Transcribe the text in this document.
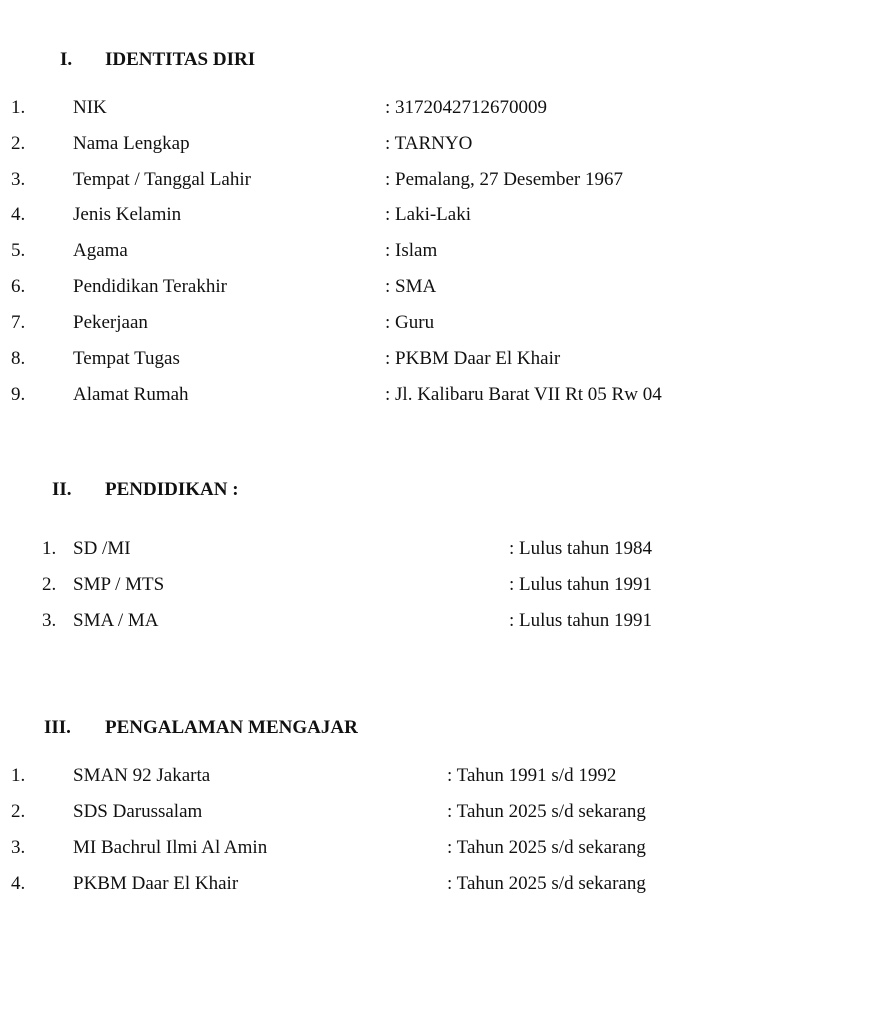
I. IDENTITAS DIRI
1.	NIK	: 3172042712670009
2.	Nama Lengkap	: TARNYO
3.	Tempat / Tanggal Lahir	: Pemalang, 27 Desember 1967
4.	Jenis Kelamin	: Laki-Laki
5.	Agama	: Islam
6.	Pendidikan Terakhir	: SMA
7.	Pekerjaan	: Guru
8.	Tempat Tugas	: PKBM Daar El Khair
9.	Alamat Rumah	: Jl. Kalibaru Barat VII Rt 05 Rw 04
II. PENDIDIKAN :
1. SD /MI	: Lulus tahun 1984
2. SMP / MTS	: Lulus tahun 1991
3. SMA / MA	: Lulus tahun 1991
III. PENGALAMAN MENGAJAR
1.	SMAN 92 Jakarta	: Tahun 1991 s/d 1992
2.	SDS Darussalam	: Tahun 2025 s/d sekarang
3.	MI Bachrul Ilmi Al Amin	: Tahun 2025 s/d sekarang
4.	PKBM Daar El Khair	: Tahun 2025 s/d sekarang
